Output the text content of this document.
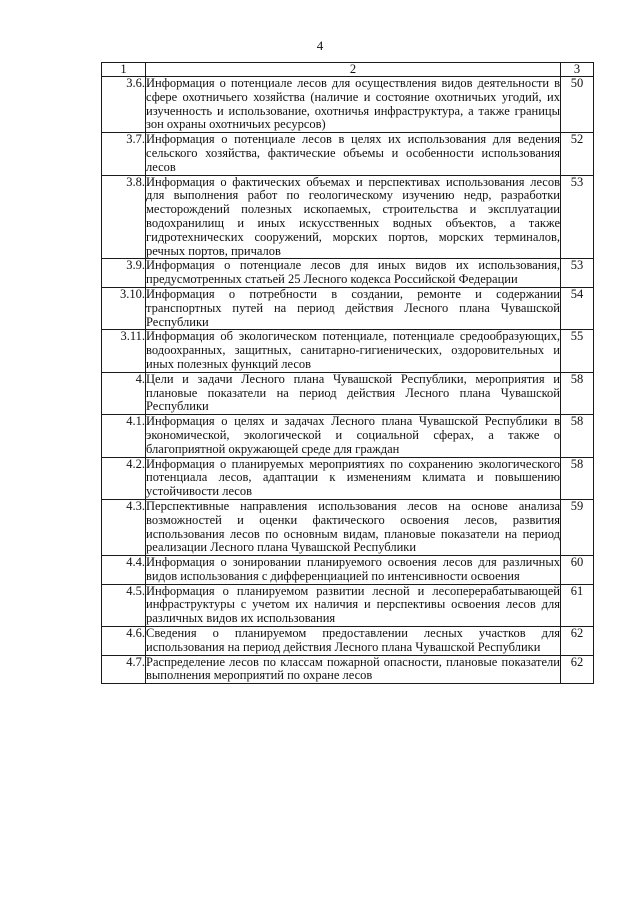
4
1	2	3
3.6.	Информация о потенциале лесов для осуществления видов деятельности в сфере охотничьего хозяйства (наличие и состояние охотничьих угодий, их изученность и использование, охотничья инфраструктура, а также границы зон охраны охотничьих ресурсов)	50
3.7.	Информация о потенциале лесов в целях их использования для ведения сельского хозяйства, фактические объемы и особенности использования лесов	52
3.8.	Информация о фактических объемах и перспективах использования лесов для выполнения работ по геологическому изучению недр, разработки месторождений полезных ископаемых, строительства и эксплуатации водохранилищ и иных искусственных водных объектов, а также гидротехнических сооружений, морских портов, морских терминалов, речных портов, причалов	53
3.9.	Информация о потенциале лесов для иных видов их использования, предусмотренных статьей 25 Лесного кодекса Российской Федерации	53
3.10.	Информация о потребности в создании, ремонте и содержании транспортных путей на период действия Лесного плана Чувашской Республики	54
3.11.	Информация об экологическом потенциале, потенциале средообразующих, водоохранных, защитных, санитарно-гигиенических, оздоровительных и иных полезных функций лесов	55
4.	Цели и задачи Лесного плана Чувашской Республики, мероприятия и плановые показатели на период действия Лесного плана Чувашской Республики	58
4.1.	Информация о целях и задачах Лесного плана Чувашской Республики в экономической, экологической и социальной сферах, а также о благоприятной окружающей среде для граждан	58
4.2.	Информация о планируемых мероприятиях по сохранению экологического потенциала лесов, адаптации к изменениям климата и повышению устойчивости лесов	58
4.3.	Перспективные направления использования лесов на основе анализа возможностей и оценки фактического освоения лесов, развития использования лесов по основным видам, плановые показатели на период реализации Лесного плана Чувашской Республики	59
4.4.	Информация о зонировании планируемого освоения лесов для различных видов использования с дифференциацией по интенсивности освоения	60
4.5.	Информация о планируемом развитии лесной и лесоперерабатывающей инфраструктуры с учетом их наличия и перспективы освоения лесов для различных видов их использования	61
4.6.	Сведения о планируемом предоставлении лесных участков для использования на период действия Лесного плана Чувашской Республики	62
4.7.	Распределение лесов по классам пожарной опасности, плановые показатели выполнения мероприятий по охране лесов	62
